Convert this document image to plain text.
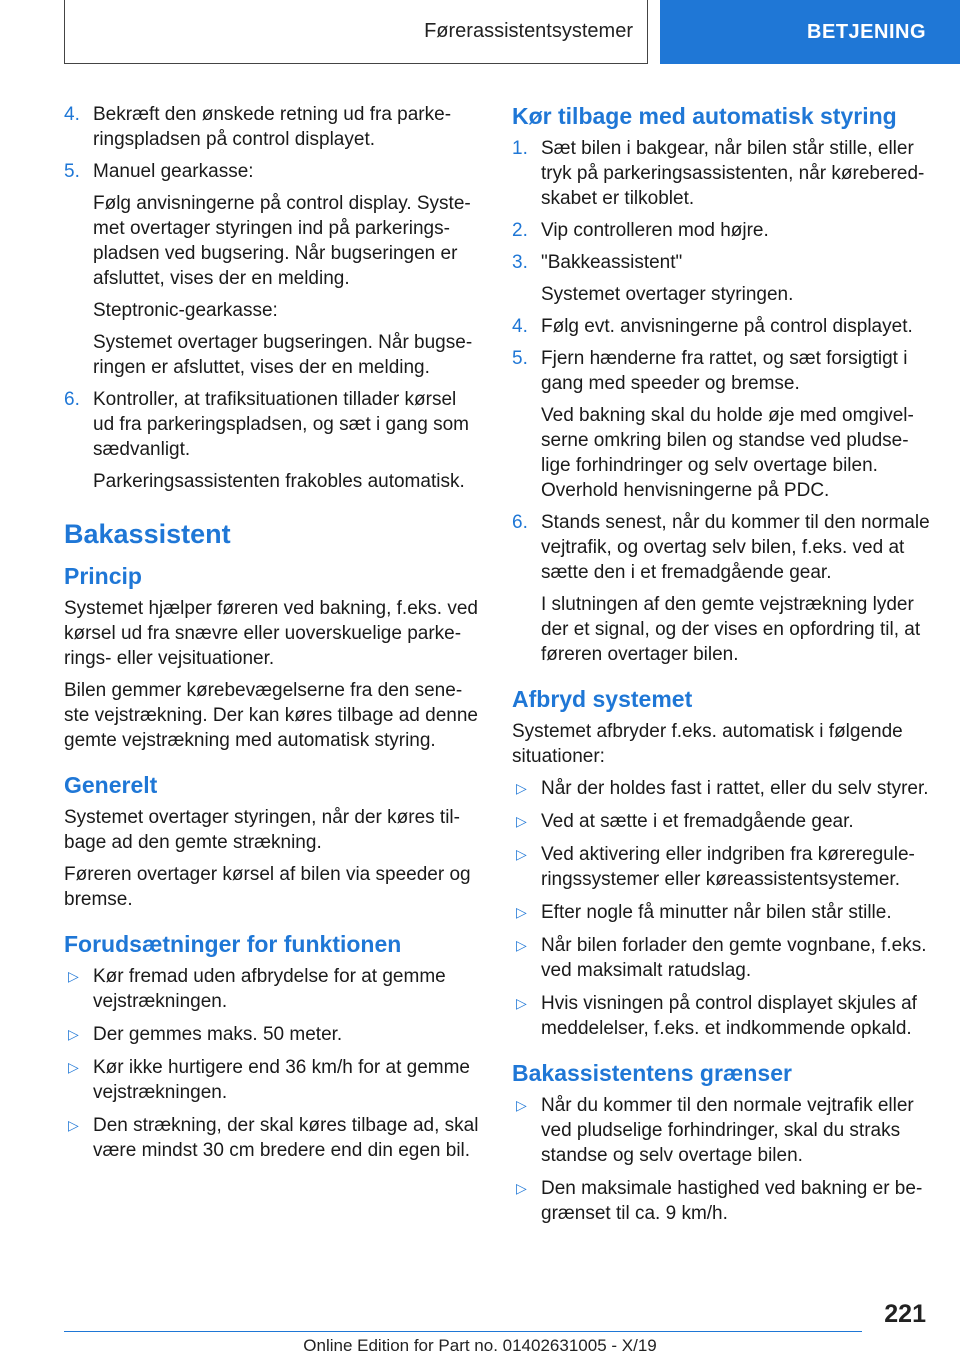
Førerassistentsystemer	BETJENING
4. Bekræft den ønskede retning ud fra parkeringspladsen på control displayet.
5. Manuel gearkasse:
Følg anvisningerne på control display. Systemet overtager styringen ind på parkeringspladsen ved bugsering. Når bugseringen er afsluttet, vises der en melding.
Steptronic-gearkasse:
Systemet overtager bugseringen. Når bugseringen er afsluttet, vises der en melding.
6. Kontroller, at trafiksituationen tillader kørsel ud fra parkeringspladsen, og sæt i gang som sædvanligt.
Parkeringsassistenten frakobles automatisk.
Bakassistent
Princip

Systemet hjælper føreren ved bakning, f.eks. ved kørsel ud fra snævre eller uoverskuelige parkerings- eller vejsituationer.

Bilen gemmer kørebevægelserne fra den seneste vejstrækning. Der kan køres tilbage ad denne gemte vejstrækning med automatisk styring.

Generelt

Systemet overtager styringen, når der køres tilbage ad den gemte strækning.

Føreren overtager kørsel af bilen via speeder og bremse.

Forudsætninger for funktionen
▷ Kør fremad uden afbrydelse for at gemme vejstrækningen.
▷ Der gemmes maks. 50 meter.
▷ Kør ikke hurtigere end 36 km/h for at gemme vejstrækningen.
▷ Den strækning, der skal køres tilbage ad, skal være mindst 30 cm bredere end din egen bil.
Kør tilbage med automatisk styring
1. Sæt bilen i bakgear, når bilen står stille, eller tryk på parkeringsassistenten, når køreberedskabet er tilkoblet.
2. Vip controlleren mod højre.
3. "Bakkeassistent"
Systemet overtager styringen.
4. Følg evt. anvisningerne på control displayet.
5. Fjern hænderne fra rattet, og sæt forsigtigt i gang med speeder og bremse.
Ved bakning skal du holde øje med omgivelserne omkring bilen og standse ved pludselige forhindringer og selv overtage bilen. Overhold henvisningerne på PDC.
6. Stands senest, når du kommer til den normale vejtrafik, og overtag selv bilen, f.eks. ved at sætte den i et fremadgående gear.
I slutningen af den gemte vejstrækning lyder der et signal, og der vises en opfordring til, at føreren overtager bilen.
Afbryd systemet

Systemet afbryder f.eks. automatisk i følgende situationer:

▷ Når der holdes fast i rattet, eller du selv styrer.
▷ Ved at sætte i et fremadgående gear.
▷ Ved aktivering eller indgriben fra kørereguleringssystemer eller køreassistentsystemer.
▷ Efter nogle få minutter når bilen står stille.
▷ Når bilen forlader den gemte vognbane, f.eks. ved maksimalt ratudslag.
▷ Hvis visningen på control displayet skjules af meddelelser, f.eks. et indkommende opkald.
Bakassistentens grænser
▷ Når du kommer til den normale vejtrafik eller ved pludselige forhindringer, skal du straks standse og selv overtage bilen.
▷ Den maksimale hastighed ved bakning er begrænset til ca. 9 km/h.
221
Online Edition for Part no. 01402631005 - X/19
